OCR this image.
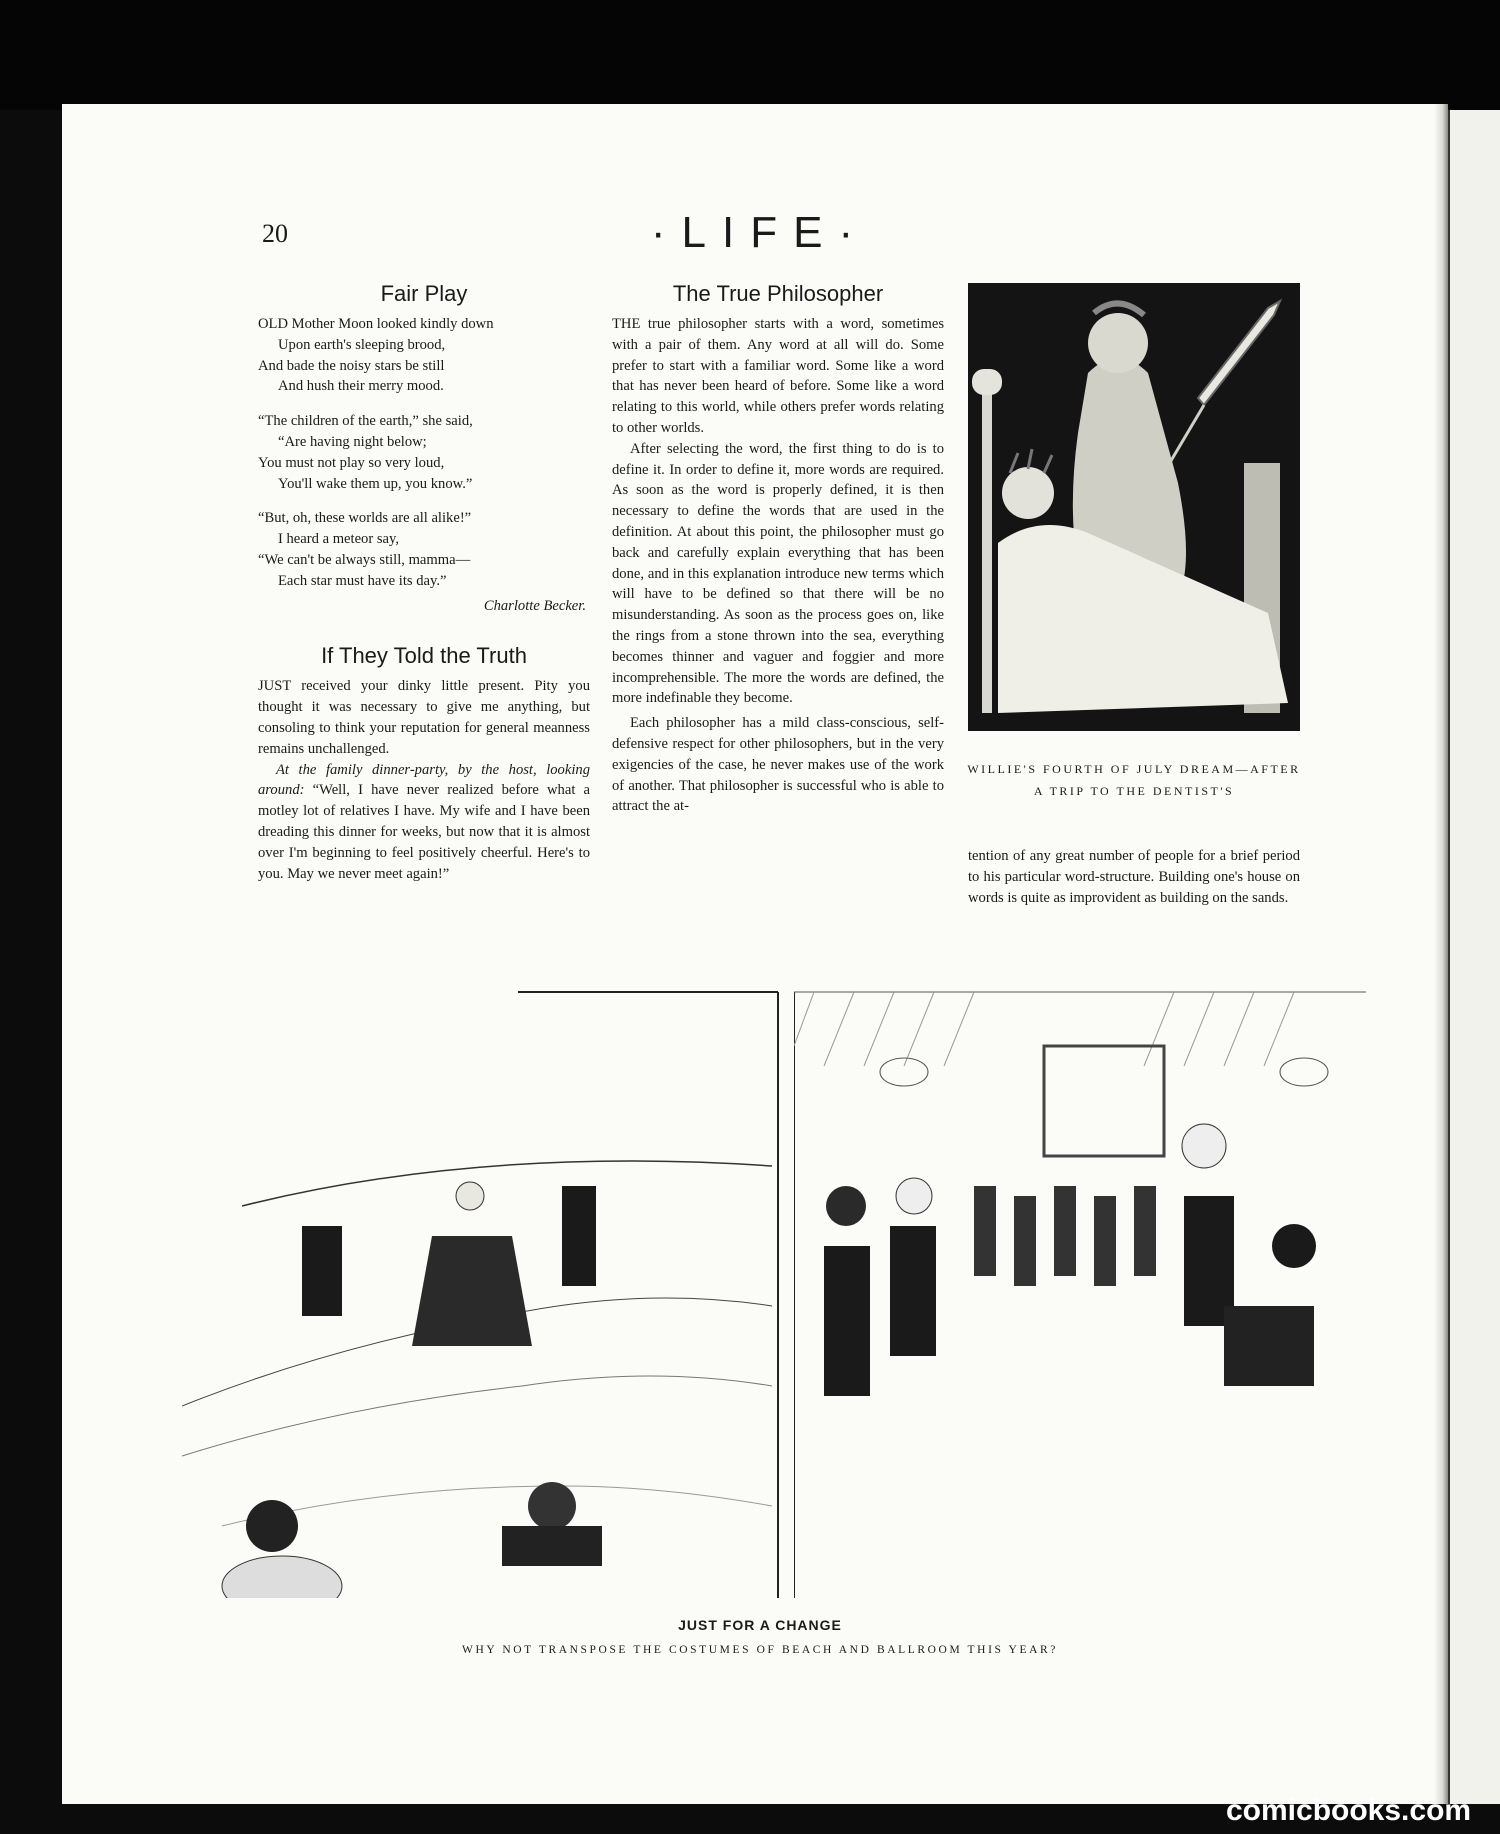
20	·LIFE·
Fair Play
OLD Mother Moon looked kindly down
Upon earth's sleeping brood,
And bade the noisy stars be still
And hush their merry mood.
“The children of the earth,” she said,
“Are having night below;
You must not play so very loud,
You'll wake them up, you know.”
“But, oh, these worlds are all alike!”
I heard a meteor say,
“We can't be always still, mamma—
Each star must have its day.”
Charlotte Becker.
If They Told the Truth

JUST received your dinky little present. Pity you thought it was necessary to give me anything, but consoling to think your reputation for general meanness remains unchallenged.

At the family dinner-party, by the host, looking around: “Well, I have never realized before what a motley lot of relatives I have. My wife and I have been dreading this dinner for weeks, but now that it is almost over I'm beginning to feel positively cheerful. Here's to you. May we never meet again!”

The True Philosopher

THE true philosopher starts with a word, sometimes with a pair of them. Any word at all will do. Some prefer to start with a familiar word. Some like a word that has never been heard of before. Some like a word relating to this world, while others prefer words relating to other worlds.

After selecting the word, the first thing to do is to define it. In order to define it, more words are required. As soon as the word is properly defined, it is then necessary to define the words that are used in the definition. At about this point, the philosopher must go back and carefully explain everything that has been done, and in this explanation introduce new terms which will have to be defined so that there will be no misunderstanding. As soon as the process goes on, like the rings from a stone thrown into the sea, everything becomes thinner and vaguer and foggier and more incomprehensible. The more the words are defined, the more indefinable they become.

Each philosopher has a mild class-conscious, self-defensive respect for other philosophers, but in the very exigencies of the case, he never makes use of the work of another. That philosopher is successful who is able to attract the at-

WILLIE'S FOURTH OF JULY DREAM—AFTER
A TRIP TO THE DENTIST'S
tention of any great number of people for a brief period to his particular word-structure. Building one's house on words is quite as improvident as building on the sands.
JUST FOR A CHANGE
WHY NOT TRANSPOSE THE COSTUMES OF BEACH AND BALLROOM THIS YEAR?
comicbooks.com
